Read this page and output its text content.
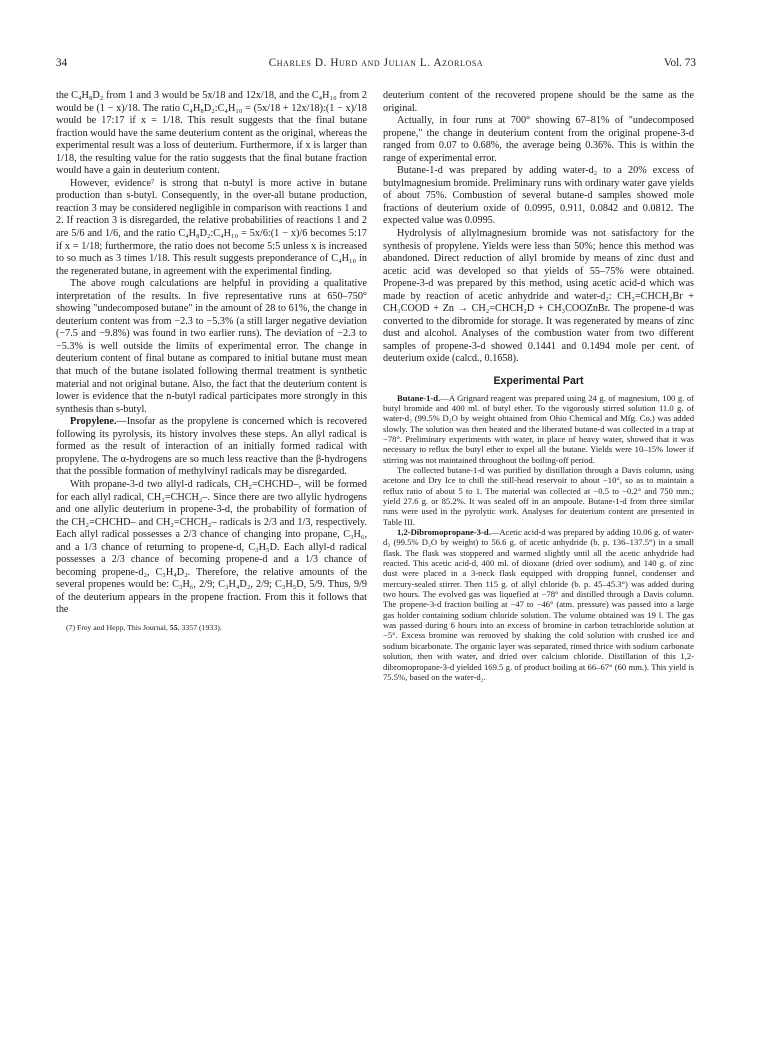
34	Charles D. Hurd and Julian L. Azorlosa	Vol. 73

the C₄H₈D₂ from 1 and 3 would be 5x/18 and 12x/18, and the C₄H₁₀ from 2 would be (1 − x)/18. The ratio C₄H₈D₂:C₄H₁₀ = (5x/18 + 12x/18):(1 − x)/18 would be 17:17 if x = 1/18. This result suggests that the final butane fraction would have the same deuterium content as the original, whereas the experimental result was a loss of deuterium. Furthermore, if x is larger than 1/18, the resulting value for the ratio suggests that the final butane fraction would have a gain in deuterium content.

However, evidence⁷ is strong that n-butyl is more active in butane production than s-butyl. Consequently, in the over-all butane production, reaction 3 may be considered negligible in comparison with reactions 1 and 2. If reaction 3 is disregarded, the relative probabilities of reactions 1 and 2 are 5/6 and 1/6, and the ratio C₄H₈D₂:C₄H₁₀ = 5x/6:(1 − x)/6 becomes 5:17 if x = 1/18; furthermore, the ratio does not become 5:5 unless x is increased to so much as 3 times 1/18. This result suggests preponderance of C₄H₁₀ in the regenerated butane, in agreement with the experimental finding.

The above rough calculations are helpful in providing a qualitative interpretation of the results. In five representative runs at 650–750° showing "undecomposed butane" in the amount of 28 to 61%, the change in deuterium content was from −2.3 to −5.3% (a still larger negative deviation (−7.5 and −9.8%) was found in two earlier runs). The deviation of −2.3 to −5.3% is well outside the limits of experimental error. The change in deuterium content of final butane as compared to initial butane must mean that much of the butane isolated following thermal treatment is synthetic material and not original butane. Also, the fact that the deuterium content is lower is evidence that the n-butyl radical participates more strongly in this synthesis than s-butyl.

Propylene.—Insofar as the propylene is concerned which is recovered following its pyrolysis, its history involves these steps. An allyl radical is formed as the result of interaction of an initially formed radical with propylene. The α-hydrogens are so much less reactive than the β-hydrogens that the possible formation of methylvinyl radicals may be disregarded.

With propane-3-d two allyl-d radicals, CH₂=CHCHD–, will be formed for each allyl radical, CH₂=CHCH₂–. Since there are two allylic hydrogens and one allylic deuterium in propene-3-d, the probability of formation of the CH₂=CHCHD– and CH₂=CHCH₂– radicals is 2/3 and 1/3, respectively. Each allyl radical possesses a 2/3 chance of changing into propane, C₃H₆, and a 1/3 chance of returning to propene-d, C₃H₅D. Each allyl-d radical possesses a 2/3 chance of becoming propene-d and a 1/3 chance of becoming propene-d₂, C₃H₄D₂. Therefore, the relative amounts of the several propenes would be: C₃H₆, 2/9; C₃H₄D₂, 2/9; C₃H₅D, 5/9. Thus, 9/9 of the deuterium appears in the propene fraction. From this it follows that the

(7) Frey and Hepp, This Journal, 55, 3357 (1933).

deuterium content of the recovered propene should be the same as the original.

Actually, in four runs at 700° showing 67–81% of "undecomposed propene," the change in deuterium content from the original propene-3-d ranged from 0.07 to 0.68%, the average being 0.36%. This is within the range of experimental error.

Butane-1-d was prepared by adding water-d₂ to a 20% excess of butylmagnesium bromide. Preliminary runs with ordinary water gave yields of about 75%. Combustion of several butane-d samples showed mole fractions of deuterium oxide of 0.0995, 0.911, 0.0842 and 0.0812. The expected value was 0.0995.

Hydrolysis of allylmagnesium bromide was not satisfactory for the synthesis of propylene. Yields were less than 50%; hence this method was abandoned. Direct reduction of allyl bromide by means of zinc dust and acetic acid was developed so that yields of 55–75% were obtained. Propene-3-d was prepared by this method, using acetic acid-d which was made by reaction of acetic anhydride and water-d₂: CH₂=CHCH₂Br + CH₃COOD + Zn → CH₂=CHCH₂D + CH₃COOZnBr. The propene-d was converted to the dibromide for storage. It was regenerated by means of zinc dust and alcohol. Analyses of the combustion water from two different samples of propene-3-d showed 0.1441 and 0.1494 mole per cent. of deuterium oxide (calcd., 0.1658).

Experimental Part

Butane-1-d.—A Grignard reagent was prepared using 24 g. of magnesium, 100 g. of butyl bromide and 400 ml. of butyl ether. To the vigorously stirred solution 11.0 g. of water-d₂ (99.5% D₂O by weight obtained from Ohio Chemical and Mfg. Co.) was added slowly. The solution was then heated and the liberated butane-d was collected in a trap at −78°. Preliminary experiments with water, in place of heavy water, showed that it was necessary to reflux the butyl ether to expel all the butane. Yields were 10–15% lower if stirring was not maintained throughout the boiling-off period.

The collected butane-1-d was purified by distillation through a Davis column, using acetone and Dry Ice to chill the still-head reservoir to about −10°, so as to maintain a reflux ratio of about 5 to 1. The material was collected at −0.5 to −0.2° and 750 mm.; yield 27.6 g. or 85.2%. It was sealed off in an ampoule. Butane-1-d from three similar runs were used in the pyrolytic work. Analyses for deuterium content are presented in Table III.

1,2-Dibromopropane-3-d.—Acetic acid-d was prepared by adding 10.06 g. of water-d₂ (99.5% D₂O by weight) to 56.6 g. of acetic anhydride (b. p. 136–137.5°) in a small flask. The flask was stoppered and warmed slightly until all the acetic anhydride had reacted. This acetic acid-d, 400 ml. of dioxane (dried over sodium), and 140 g. of zinc dust were placed in a 3-neck flask equipped with dropping funnel, condenser and mercury-sealed stirrer. Then 115 g. of allyl chloride (b. p. 45–45.3°) was added during two hours. The evolved gas was liquefied at −78° and distilled through a Davis column. The propene-3-d fraction boiling at −47 to −46° (atm. pressure) was passed into a large gas holder containing sodium chloride solution. The volume obtained was 19 l. The gas was passed during 6 hours into an excess of bromine in carbon tetrachloride solution at −5°. Excess bromine was removed by shaking the cold solution with crushed ice and sodium bicarbonate. The organic layer was separated, rinsed thrice with sodium carbonate solution, then with water, and dried over calcium chloride. Distillation of this 1,2-dibromopropane-3-d yielded 169.5 g. of product boiling at 66–67° (60 mm.). This yield is 75.5%, based on the water-d₂.
